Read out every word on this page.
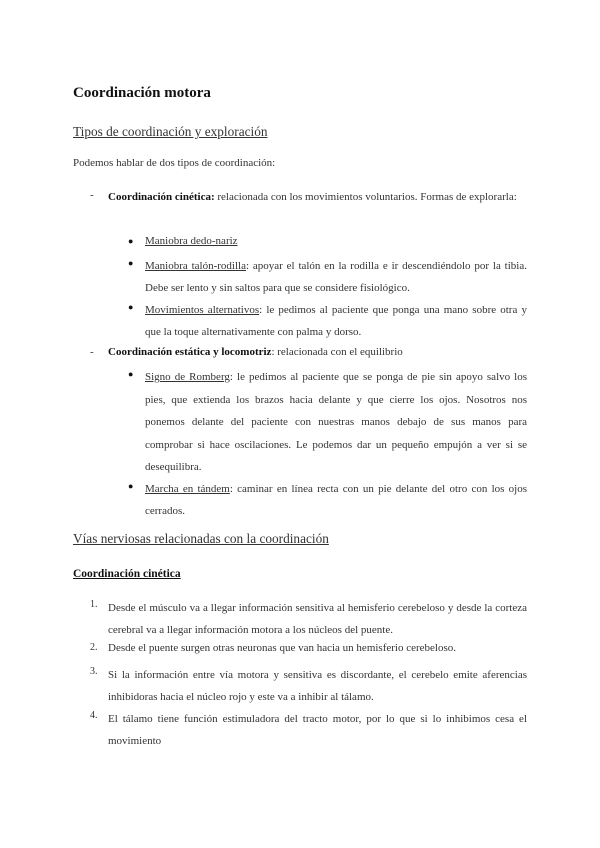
Coordinación motora
Tipos de coordinación y exploración

Podemos hablar de dos tipos de coordinación:

- Coordinación cinética: relacionada con los movimientos voluntarios. Formas de explorarla:

● Maniobra dedo-nariz

● Maniobra talón-rodilla: apoyar el talón en la rodilla e ir descendiéndolo por la tibia. Debe ser lento y sin saltos para que se considere fisiológico.

● Movimientos alternativos: le pedimos al paciente que ponga una mano sobre otra y que la toque alternativamente con palma y dorso.

- Coordinación estática y locomotriz: relacionada con el equilibrio

● Signo de Romberg: le pedimos al paciente que se ponga de pie sin apoyo salvo los pies, que extienda los brazos hacia delante y que cierre los ojos. Nosotros nos ponemos delante del paciente con nuestras manos debajo de sus manos para comprobar si hace oscilaciones. Le podemos dar un pequeño empujón a ver si se desequilibra.

● Marcha en tándem: caminar en línea recta con un pie delante del otro con los ojos cerrados.

Vías nerviosas relacionadas con la coordinación
Coordinación cinética
1. Desde el músculo va a llegar información sensitiva al hemisferio cerebeloso y desde la corteza cerebral va a llegar información motora a los núcleos del puente.

2. Desde el puente surgen otras neuronas que van hacia un hemisferio cerebeloso.

3. Si la información entre vía motora y sensitiva es discordante, el cerebelo emite aferencias inhibidoras hacia el núcleo rojo y este va a inhibir al tálamo.

4. El tálamo tiene función estimuladora del tracto motor, por lo que si lo inhibimos cesa el movimiento
